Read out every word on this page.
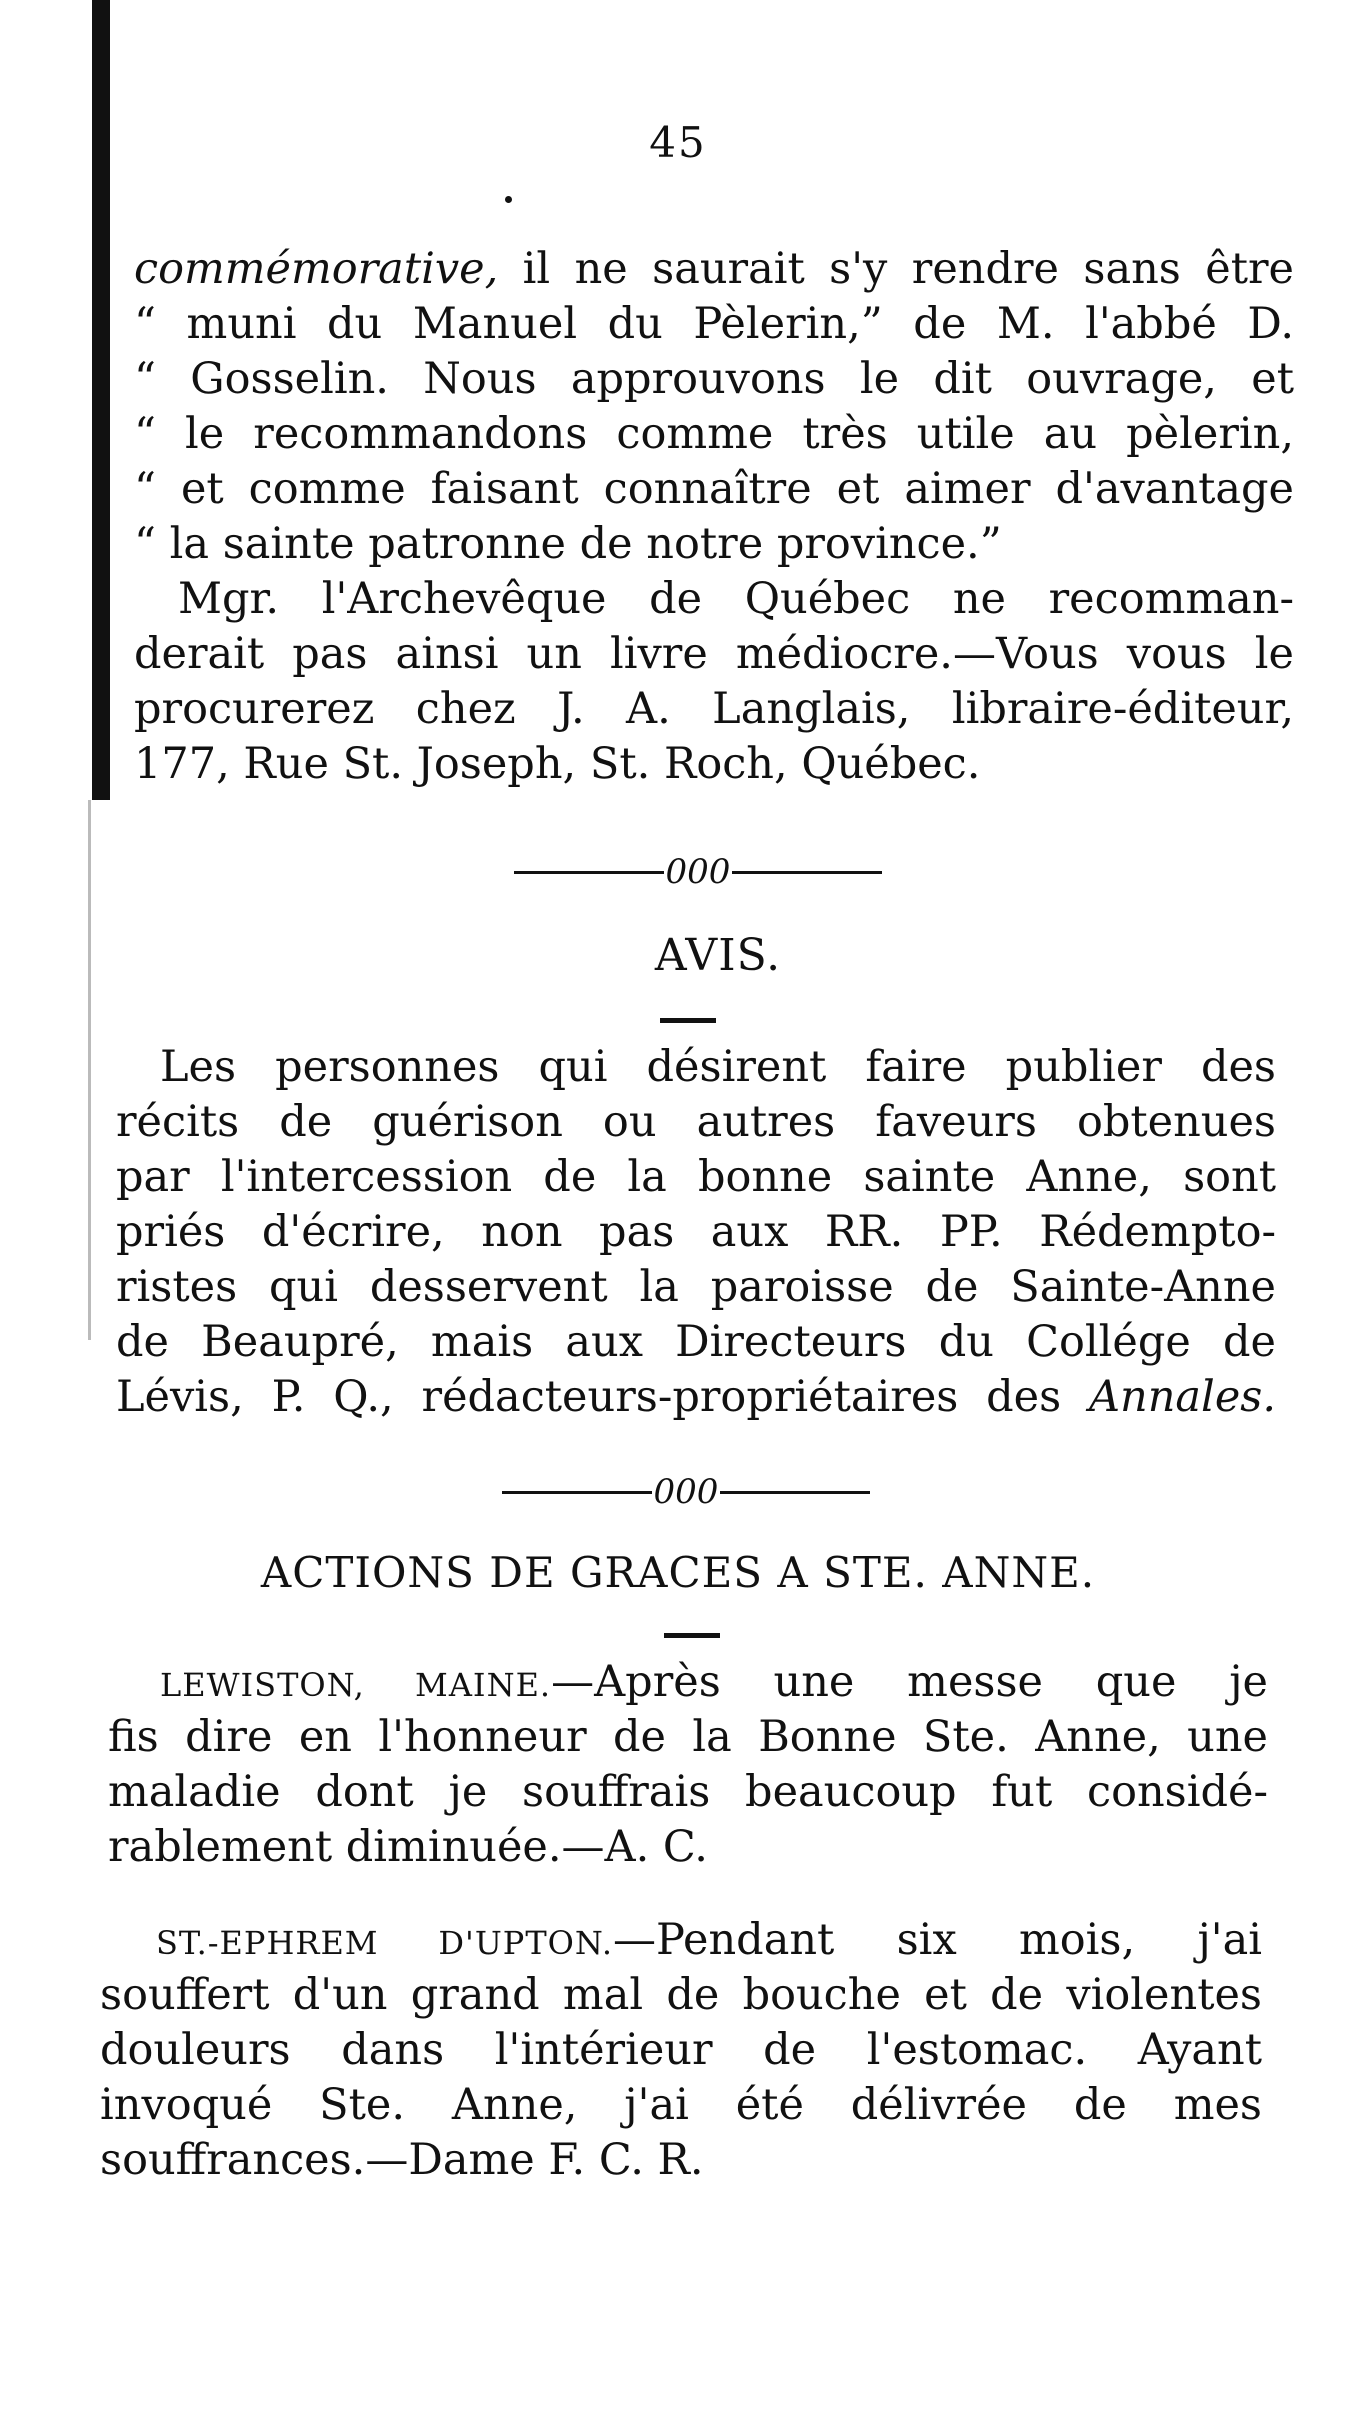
45
commémorative, il ne saurait s'y rendre sans être
“ muni du Manuel du Pèlerin,” de M. l'abbé D.
“ Gosselin. Nous approuvons le dit ouvrage, et
“ le recommandons comme très utile au pèlerin,
“ et comme faisant connaître et aimer d'avantage
“ la sainte patronne de notre province.”
Mgr. l'Archevêque de Québec ne recomman-
derait pas ainsi un livre médiocre.—Vous vous le
procurerez chez J. A. Langlais, libraire-éditeur,
177, Rue St. Joseph, St. Roch, Québec.
000
AVIS.
Les personnes qui désirent faire publier des
récits de guérison ou autres faveurs obtenues
par l'intercession de la bonne sainte Anne, sont
priés d'écrire, non pas aux RR. PP. Rédempto-
ristes qui desservent la paroisse de Sainte-Anne
de Beaupré, mais aux Directeurs du Collége de
Lévis, P. Q., rédacteurs-propriétaires des Annales.
000
ACTIONS DE GRACES A STE. ANNE.
LEWISTON, MAINE.—Après une messe que je
fis dire en l'honneur de la Bonne Ste. Anne, une
maladie dont je souffrais beaucoup fut considé-
rablement diminuée.—A. C.
ST.-EPHREM D'UPTON.—Pendant six mois, j'ai
souffert d'un grand mal de bouche et de violentes
douleurs dans l'intérieur de l'estomac. Ayant
invoqué Ste. Anne, j'ai été délivrée de mes
souffrances.—Dame F. C. R.
